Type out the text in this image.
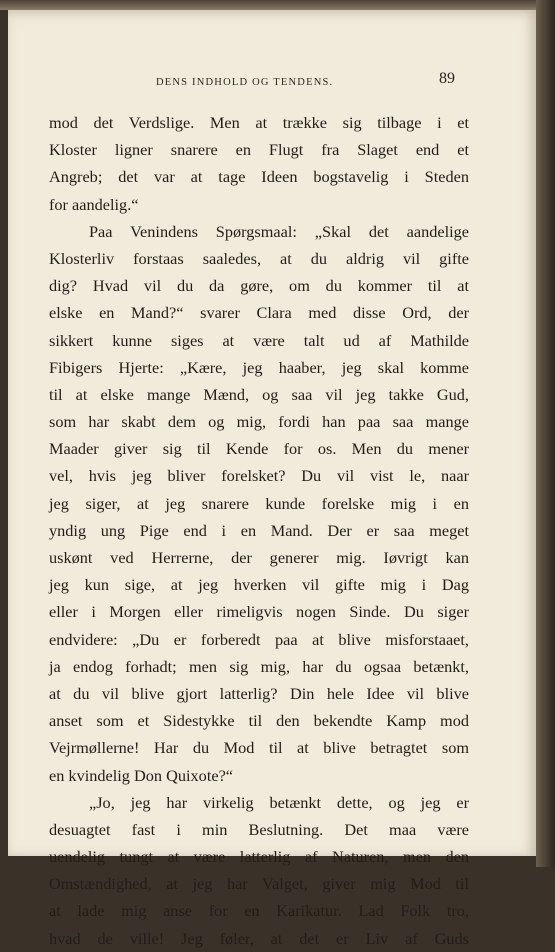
DENS INDHOLD OG TENDENS.	89
mod det Verdslige. Men at trække sig tilbage i et
Kloster ligner snarere en Flugt fra Slaget end et
Angreb; det var at tage Ideen bogstavelig i Steden
for aandelig.“
Paa Venindens Spørgsmaal: „Skal det aandelige
Klosterliv forstaas saaledes, at du aldrig vil gifte
dig? Hvad vil du da gøre, om du kommer til at
elske en Mand?“ svarer Clara med disse Ord, der
sikkert kunne siges at være talt ud af Mathilde
Fibigers Hjerte: „Kære, jeg haaber, jeg skal komme
til at elske mange Mænd, og saa vil jeg takke Gud,
som har skabt dem og mig, fordi han paa saa mange
Maader giver sig til Kende for os. Men du mener
vel, hvis jeg bliver forelsket? Du vil vist le, naar
jeg siger, at jeg snarere kunde forelske mig i en
yndig ung Pige end i en Mand. Der er saa meget
uskønt ved Herrerne, der generer mig. Iøvrigt kan
jeg kun sige, at jeg hverken vil gifte mig i Dag
eller i Morgen eller rimeligvis nogen Sinde. Du siger
endvidere: „Du er forberedt paa at blive misforstaaet,
ja endog forhadt; men sig mig, har du ogsaa betænkt,
at du vil blive gjort latterlig? Din hele Idee vil blive
anset som et Sidestykke til den bekendte Kamp mod
Vejrmøllerne! Har du Mod til at blive betragtet som
en kvindelig Don Quixote?“
„Jo, jeg har virkelig betænkt dette, og jeg er
desuagtet fast i min Beslutning. Det maa være
uendelig tungt at være latterlig af Naturen, men den
Omstændighed, at jeg har Valget, giver mig Mod til
at lade mig anse for en Karikatur. Lad Folk tro,
hvad de ville! Jeg føler, at det er Liv af Guds
